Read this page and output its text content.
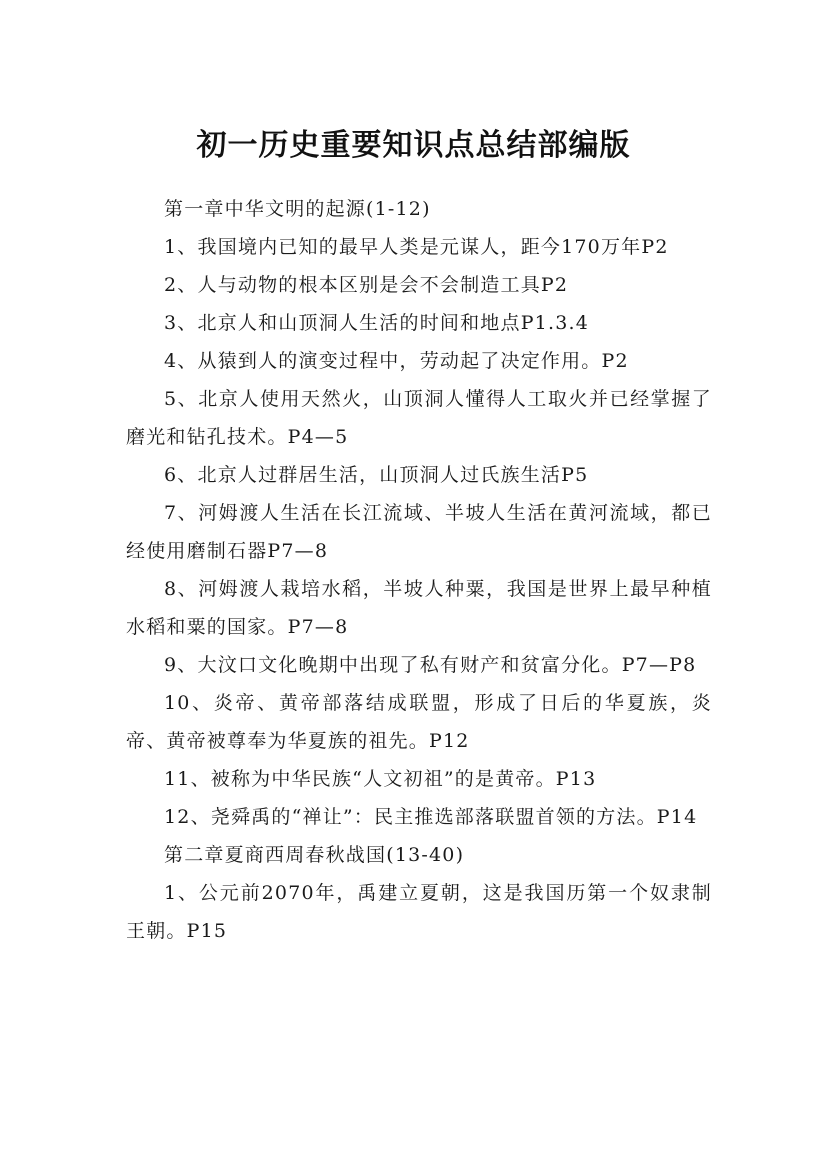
初一历史重要知识点总结部编版

第一章中华文明的起源(1-12)

1、我国境内已知的最早人类是元谋人，距今170万年P2

2、人与动物的根本区别是会不会制造工具P2

3、北京人和山顶洞人生活的时间和地点P1.3.4

4、从猿到人的演变过程中，劳动起了决定作用。P2

5、北京人使用天然火，山顶洞人懂得人工取火并已经掌握了磨光和钻孔技术。P4—5

6、北京人过群居生活，山顶洞人过氏族生活P5

7、河姆渡人生活在长江流域、半坡人生活在黄河流域，都已经使用磨制石器P7—8

8、河姆渡人栽培水稻，半坡人种粟，我国是世界上最早种植水稻和粟的国家。P7—8

9、大汶口文化晚期中出现了私有财产和贫富分化。P7—P8

10、炎帝、黄帝部落结成联盟，形成了日后的华夏族，炎帝、黄帝被尊奉为华夏族的祖先。P12

11、被称为中华民族“人文初祖”的是黄帝。P13

12、尧舜禹的“禅让”：民主推选部落联盟首领的方法。P14

第二章夏商西周春秋战国(13-40)

1、公元前2070年，禹建立夏朝，这是我国历第一个奴隶制王朝。P15
